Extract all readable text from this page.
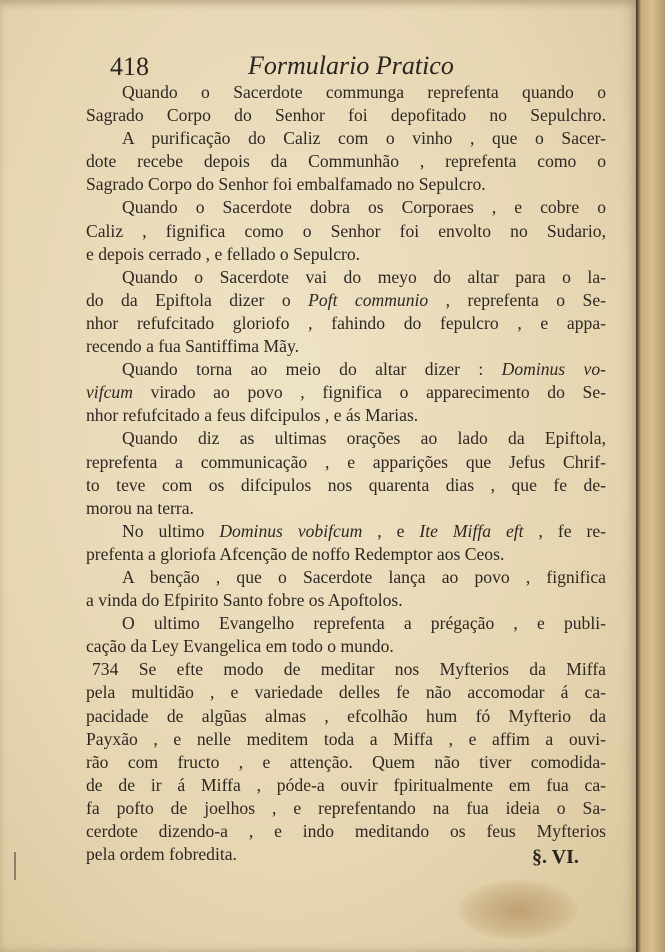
418	Formulario Pratico
Quando o Sacerdote communga reprefenta quando o
Sagrado Corpo do Senhor foi depofitado no Sepulchro.
A purificação do Caliz com o vinho , que o Sacer-
dote recebe depois da Communhão , reprefenta como o
Sagrado Corpo do Senhor foi embalfamado no Sepulcro.
Quando o Sacerdote dobra os Corporaes , e cobre o
Caliz , fignifica como o Senhor foi envolto no Sudario,
e depois cerrado , e fellado o Sepulcro.
Quando o Sacerdote vai do meyo do altar para o la-
do da Epiftola dizer o Poft communio , reprefenta o Se-
nhor refufcitado gloriofo , fahindo do fepulcro , e appa-
recendo a fua Santiffima Mãy.
Quando torna ao meio do altar dizer : Dominus vo-
vifcum virado ao povo , fignifica o apparecimento do Se-
nhor refufcitado a feus difcipulos , e ás Marias.
Quando diz as ultimas orações ao lado da Epiftola,
reprefenta a communicação , e apparições que Jefus Chrif-
to teve com os difcipulos nos quarenta dias , que fe de-
morou na terra.
No ultimo Dominus vobifcum , e Ite Miffa eft , fe re-
prefenta a gloriofa Afcenção de noffo Redemptor aos Ceos.
A benção , que o Sacerdote lança ao povo , fignifica
a vinda do Efpirito Santo fobre os Apoftolos.
O ultimo Evangelho reprefenta a prégação , e publi-
cação da Ley Evangelica em todo o mundo.
734 Se efte modo de meditar nos Myfterios da Miffa
pela multidão , e variedade delles fe não accomodar á ca-
pacidade de algũas almas , efcolhão hum fó Myfterio da
Payxão , e nelle meditem toda a Miffa , e affim a ouvi-
rão com fructo , e attenção. Quem não tiver comodida-
de de ir á Miffa , póde-a ouvir fpiritualmente em fua ca-
fa pofto de joelhos , e reprefentando na fua ideia o Sa-
cerdote dizendo-a , e indo meditando os feus Myfterios
pela ordem fobredita.	§. VI.
